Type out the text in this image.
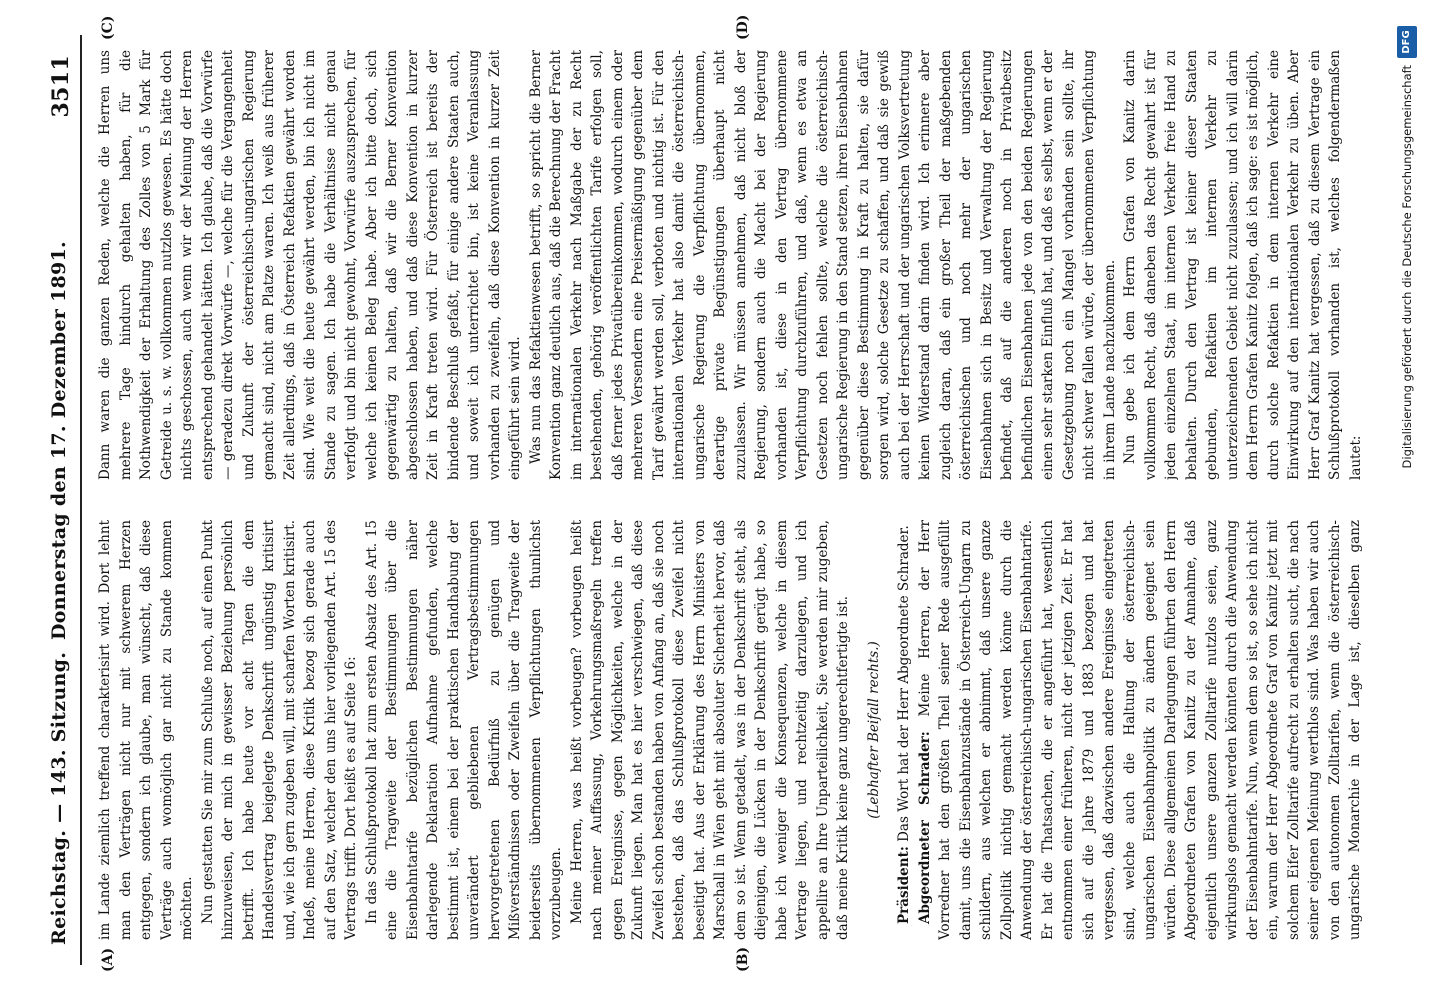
Reichstag. — 143. Sitzung.
Donnerstag den 17. Dezember 1891.
3511
(A)	(B)
(C)	(D)

im Lande ziemlich treffend charakterisirt wird. Dort lehnt man den Verträgen nicht nur mit schwerem Herzen entgegen, sondern ich glaube, man wünscht, daß diese Verträge auch womöglich gar nicht zu Stande kommen möchten. Nun gestatten Sie mir zum Schluße noch, auf einen Punkt hinzuweisen, der mich in gewisser Beziehung persönlich betrifft. Ich habe heute vor acht Tagen die dem Handelsvertrag beigelegte Denkschrift ungünstig kritisirt und, wie ich gern zugeben will, mit scharfen Worten kritisirt. Indeß, meine Herren, diese Kritik bezog sich gerade auch auf den Satz, welcher den uns hier vorliegenden Art. 15 des Vertrags trifft. Dort heißt es auf Seite 16: In das Schlußprotokoll hat zum ersten Absatz des Art. 15 eine die Tragweite der Bestimmungen über die Eisenbahntarife bezüglichen Bestimmungen näher darlegende Deklaration Aufnahme gefunden, welche bestimmt ist, einem bei der praktischen Handhabung der unverändert gebliebenen Vertragsbestimmungen hervorgetretenen Bedürfniß zu genügen und Mißverständnissen oder Zweifeln über die Tragweite der beiderseits übernommenen Verpflichtungen thunlichst vorzubeugen. Meine Herren, was heißt vorbeugen? vorbeugen heißt nach meiner Auffassung, Vorkehrungsmaßregeln treffen gegen Ereignisse, gegen Möglichkeiten, welche in der Zukunft liegen. Man hat es hier verschwiegen, daß diese Zweifel schon bestanden haben von Anfang an, daß sie noch bestehen, daß das Schlußprotokoll diese Zweifel nicht beseitigt hat. Aus der Erklärung des Herrn Ministers von Marschall in Wien geht mit absoluter Sicherheit hervor, daß dem so ist. Wenn getadelt, was in der Denkschrift steht, als diejenigen, die Lücken in der Denkschrift gerügt habe, so habe ich weniger die Konsequenzen, welche in diesem Vertrage liegen, und rechtzeitig darzulegen, und ich appellire an Ihre Unparteilichkeit, Sie werden mir zugeben, daß meine Kritik keine ganz ungerechtfertigte ist. (Lebhafter Beifall rechts.)

Präsident: Das Wort hat der Herr Abgeordnete Schrader. Abgeordneter Schrader: Meine Herren, der Herr Vorredner hat den größten Theil seiner Rede ausgefüllt damit, uns die Eisenbahnzustände in Österreich-Ungarn zu schildern, aus welchen er abnimmt, daß unsere ganze Zollpolitik nichtig gemacht werden könne durch die Anwendung der österreichisch-ungarischen Eisenbahntarife. Er hat die Thatsachen, die er angeführt hat, wesentlich entnommen einer früheren, nicht der jetzigen Zeit. Er hat sich auf die Jahre 1879 und 1883 bezogen und hat vergessen, daß dazwischen andere Ereignisse eingetreten sind, welche auch die Haltung der österreichisch-ungarischen Eisenbahnpolitik zu ändern geeignet sein würden. Diese allgemeinen Darlegungen führten den Herrn Abgeordneten Grafen von Kanitz zu der Annahme, daß eigentlich unsere ganzen Zolltarife nutzlos seien, ganz wirkungslos gemacht werden könnten durch die Anwendung der Eisenbahntarife. Nun, wenn dem so ist, so sehe ich nicht ein, warum der Herr Abgeordnete Graf von Kanitz jetzt mit solchem Eifer Zolltarife aufrecht zu erhalten sucht, die nach seiner eigenen Meinung werthlos sind. Was haben wir auch von den autonomen Zolltarifen, wenn die österreichisch-ungarische Monarchie in der Lage ist, dieselben ganz

Dann waren die ganzen Reden, welche die Herren uns mehrere Tage hindurch gehalten haben, für die Nothwendigkeit der Erhaltung des Zolles von 5 Mark für Getreide u. s. w. vollkommen nutzlos gewesen. Es hätte doch nichts geschossen, auch wenn wir der Meinung der Herren entsprechend gehandelt hätten. Ich glaube, daß die Vorwürfe — geradezu direkt Vorwürfe —, welche für die Vergangenheit und Zukunft der österreichisch-ungarischen Regierung gemacht sind, nicht am Platze waren. Ich weiß aus früherer Zeit allerdings, daß in Österreich Refaktien gewährt worden sind. Wie weit die heute gewährt werden, bin ich nicht im Stande zu sagen. Ich habe die Verhältnisse nicht genau verfolgt und bin nicht gewohnt, Vorwürfe auszusprechen, für welche ich keinen Beleg habe. Aber ich bitte doch, sich gegenwärtig zu halten, daß wir die Berner Konvention abgeschlossen haben, und daß diese Konvention in kurzer Zeit in Kraft treten wird. Für Österreich ist bereits der bindende Beschluß gefaßt, für einige andere Staaten auch, und soweit ich unterrichtet bin, ist keine Veranlassung vorhanden zu zweifeln, daß diese Konvention in kurzer Zeit eingeführt sein wird. Was nun das Refaktienwesen betrifft, so spricht die Berner Konvention ganz deutlich aus, daß die Berechnung der Fracht im internationalen Verkehr nach Maßgabe der zu Recht bestehenden, gehörig veröffentlichten Tarife erfolgen soll, daß ferner jedes Privatübereinkommen, wodurch einem oder mehreren Versendern eine Preisermäßigung gegenüber dem Tarif gewährt werden soll, verboten und nichtig ist. Für den internationalen Verkehr hat also damit die österreichisch-ungarische Regierung die Verpflichtung übernommen, derartige private Begünstigungen überhaupt nicht zuzulassen. Wir müssen annehmen, daß nicht bloß der Regierung, sondern auch die Macht bei der Regierung vorhanden ist, diese in den Vertrag übernommene Verpflichtung durchzuführen, und daß, wenn es etwa an Gesetzen noch fehlen sollte, welche die österreichisch-ungarische Regierung in den Stand setzen, ihren Eisenbahnen gegenüber diese Bestimmung in Kraft zu halten, sie dafür sorgen wird, solche Gesetze zu schaffen, und daß sie gewiß auch bei der Herrschaft und der ungarischen Volksvertretung keinen Widerstand darin finden wird. Ich erinnere aber zugleich daran, daß ein großer Theil der maßgebenden österreichischen und noch mehr der ungarischen Eisenbahnen sich in Besitz und Verwaltung der Regierung befindet, daß auf die anderen noch in Privatbesitz befindlichen Eisenbahnen jede von den beiden Regierungen einen sehr starken Einfluß hat, und daß es selbst, wenn er der Gesetzgebung noch ein Mangel vorhanden sein sollte, ihr nicht schwer fallen würde, der übernommenen Verpflichtung in ihrem Lande nachzukommen. Nun gebe ich dem Herrn Grafen von Kanitz darin vollkommen Recht, daß daneben das Recht gewahrt ist für jeden einzelnen Staat, im internen Verkehr freie Hand zu behalten. Durch den Vertrag ist keiner dieser Staaten gebunden, Refaktien im internen Verkehr zu unterzeichnenden Gebiet nicht zuzulassen; und ich will darin dem Herrn Grafen Kanitz folgen, daß ich sage: es ist möglich, durch solche Refaktien in dem internen Verkehr eine Einwirkung auf den internationalen Verkehr zu üben. Aber Herr Graf Kanitz hat vergessen, daß zu diesem Vertrage ein Schlußprotokoll vorhanden ist, welches folgendermaßen lautet:	Digitalisierung gefördert durch die Deutsche Forschungsgemeinschaft
DFG
